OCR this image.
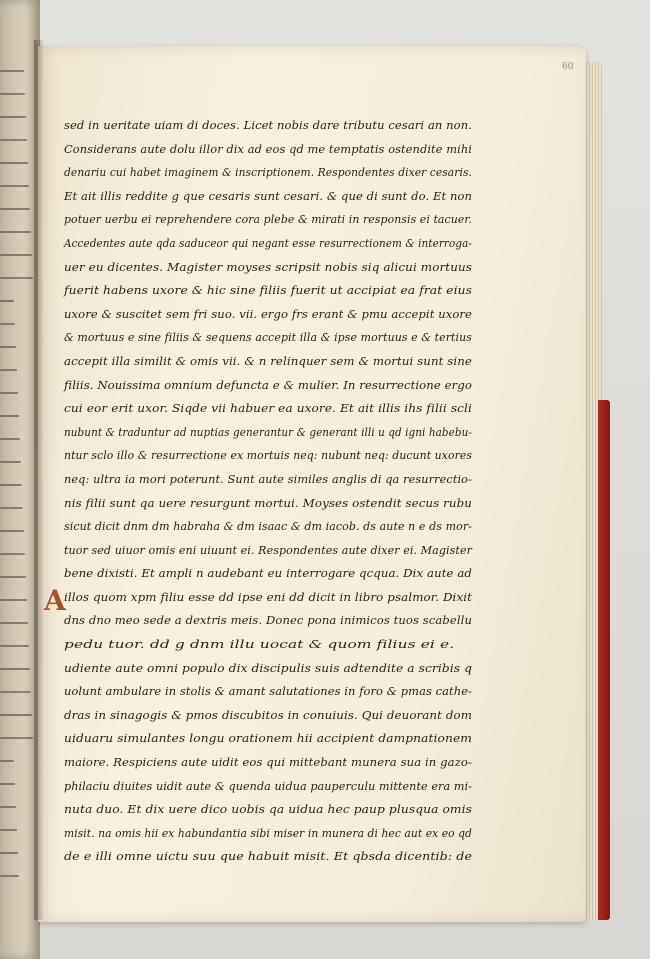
60
sed in ueritate uiam di doces. Licet nobis dare tributu cesari an non.
Considerans aute dolu illor dix ad eos qd me temptatis ostendite mihi
denariu cui habet imaginem & inscriptionem. Respondentes dixer cesaris.
Et ait illis reddite g que cesaris sunt cesari. & que di sunt do. Et non
potuer uerbu ei reprehendere cora plebe & mirati in responsis ei tacuer.
Accedentes aute qda saduceor qui negant esse resurrectionem & interroga-
uer eu dicentes. Magister moyses scripsit nobis siq alicui mortuus
fuerit habens uxore & hic sine filiis fuerit ut accipiat ea frat eius
uxore & suscitet sem fri suo. vii. ergo frs erant & pmu accepit uxore
& mortuus e sine filiis & sequens accepit illa & ipse mortuus e & tertius
accepit illa similit & omis vii. & n relinquer sem & mortui sunt sine
filiis. Nouissima omnium defuncta e & mulier. In resurrectione ergo
cui eor erit uxor. Siqde vii habuer ea uxore. Et ait illis ihs filii scli
nubunt & traduntur ad nuptias generantur & generant illi u qd igni habebu-
ntur sclo illo & resurrectione ex mortuis neq: nubunt neq: ducunt uxores
neq: ultra ia mori poterunt. Sunt aute similes anglis di qa resurrectio-
nis filii sunt qa uere resurgunt mortui. Moyses ostendit secus rubu
sicut dicit dnm dm habraha & dm isaac & dm iacob. ds aute n e ds mor-
tuor sed uiuor omis eni uiuunt ei. Respondentes aute dixer ei. Magister
bene dixisti. Et ampli n audebant eu interrogare qcqua. Dix aute ad
illos quom xpm filiu esse dd ipse eni dd dicit in libro psalmor. Dixit
dns dno meo sede a dextris meis. Donec pona inimicos tuos scabellu
pedu tuor. dd g dnm illu uocat & quom filius ei e.
udiente aute omni populo dix discipulis suis adtendite a scribis q
uolunt ambulare in stolis & amant salutationes in foro & pmas cathe-
dras in sinagogis & pmos discubitos in conuiuis. Qui deuorant dom
uiduaru simulantes longu orationem hii accipient dampnationem
maiore. Respiciens aute uidit eos qui mittebant munera sua in gazo-
philaciu diuites uidit aute & quenda uidua pauperculu mittente era mi-
nuta duo. Et dix uere dico uobis qa uidua hec paup plusqua omis
misit. na omis hii ex habundantia sibi miser in munera di hec aut ex eo qd
de e illi omne uictu suu que habuit misit. Et qbsda dicentib: de
A
